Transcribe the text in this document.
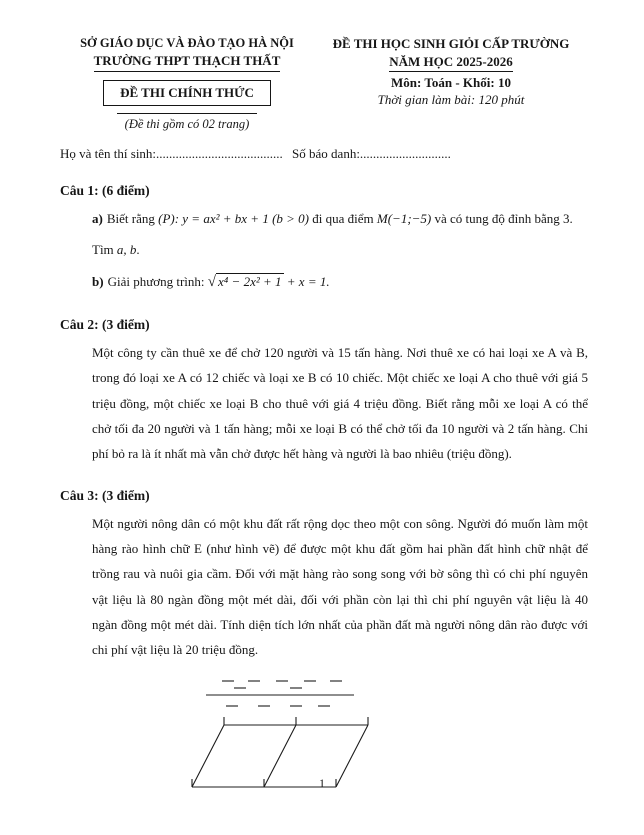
SỞ GIÁO DỤC VÀ ĐÀO TẠO HÀ NỘI
TRƯỜNG THPT THẠCH THẤT
ĐỀ THI CHÍNH THỨC
(Đề thi gồm có 02 trang)
ĐỀ THI HỌC SINH GIỎI CẤP TRƯỜNG
NĂM HỌC 2025-2026
Môn: Toán - Khối: 10
Thời gian làm bài: 120 phút
Họ và tên thí sinh:....................................... Số báo danh:............................
Câu 1: (6 điểm)

a) Biết rằng (P): y = ax² + bx + 1 (b > 0) đi qua điểm M(−1;−5) và có tung độ đỉnh bằng 3.

Tìm a, b.

b) Giải phương trình: √ x⁴ − 2x² + 1 + x = 1.

Câu 2: (3 điểm)

Một công ty cần thuê xe để chở 120 người và 15 tấn hàng. Nơi thuê xe có hai loại xe A và B, trong đó loại xe A có 12 chiếc và loại xe B có 10 chiếc. Một chiếc xe loại A cho thuê với giá 5 triệu đồng, một chiếc xe loại B cho thuê với giá 4 triệu đồng. Biết rằng mỗi xe loại A có thể chở tối đa 20 người và 1 tấn hàng; mỗi xe loại B có thể chở tối đa 10 người và 2 tấn hàng. Chi phí bỏ ra là ít nhất mà vẫn chở được hết hàng và người là bao nhiêu (triệu đồng).

Câu 3: (3 điểm)

Một người nông dân có một khu đất rất rộng dọc theo một con sông. Người đó muốn làm một hàng rào hình chữ E (như hình vẽ) để được một khu đất gồm hai phần đất hình chữ nhật để trồng rau và nuôi gia cầm. Đối với mặt hàng rào song song với bờ sông thì có chi phí nguyên vật liệu là 80 ngàn đồng một mét dài, đối với phần còn lại thì chi phí nguyên vật liệu là 40 ngàn đồng một mét dài. Tính diện tích lớn nhất của phần đất mà người nông dân rào được với chi phí vật liệu là 20 triệu đồng.

1
